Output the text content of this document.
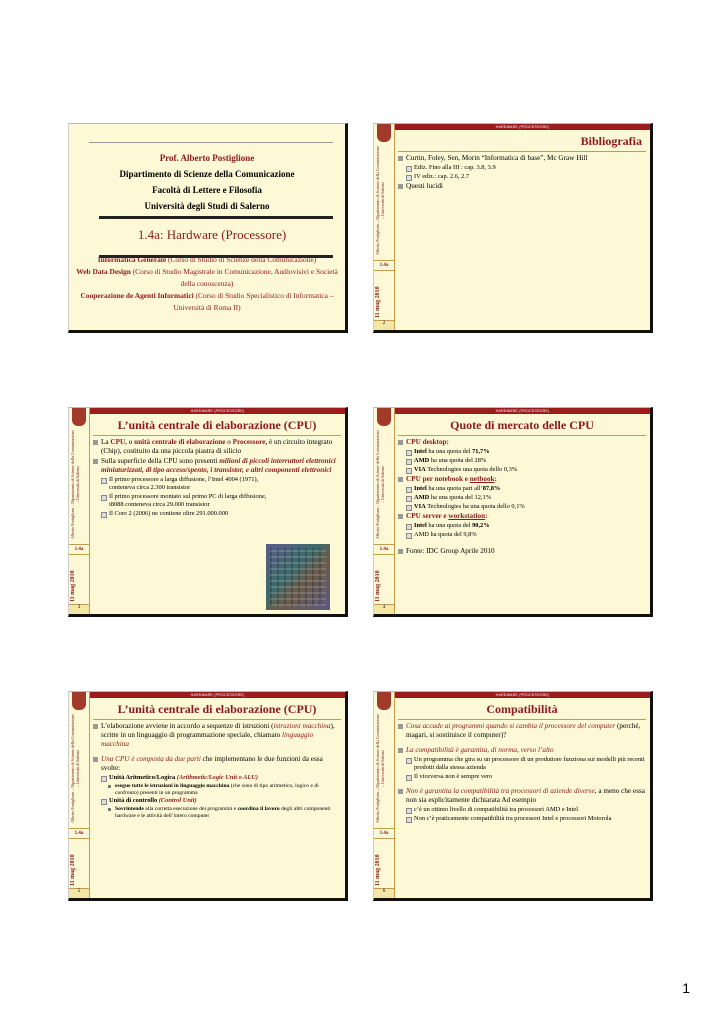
Prof. Alberto Postiglione
Dipartimento di Scienze della Comunicazione
Facoltà di Lettere e Filosofia
Università degli Studi di Salerno
1.4a: Hardware (Processore)
Informatica Generale (Corso di Studio in Scienze della Comunicazione)
Web Data Design (Corso di Studio Magistrale in Comunicazione, Audiovisivi e Società della conoscenza)
Cooperazione de Agenti Informatici (Corso di Studio Specialistico di Informatica – Università di Roma II)
Alberto Postiglione – Dipartimento di Scienze della Comunicazione – Università di Salerno
1.4a
11 mag 2010
2
HARDWARE (PROCESSORE)
Bibliografia
Curtin, Foley, Sen, Morin “Informatica di base”, Mc Graw Hill
Ediz. Fino alla III : cap. 3.8, 3.9
IV ediz.: cap. 2.6, 2.7
Questi lucidi
Alberto Postiglione – Dipartimento di Scienze della Comunicazione – Università di Salerno
1.4a
11 mag 2010
3
HARDWARE (PROCESSORE)
L’unità centrale di elaborazione (CPU)
La CPU, o unità centrale di elaborazione o Processore, è un circuito integrato (Chip), costituito da una piccola piastra di silicio
Sulla superficie della CPU sono presenti milioni di piccoli interruttori elettronici miniaturizzati, di tipo acceso/spento, i transistor, e altri componenti elettronici
Il primo processore a larga diffusione, l’Intel 4004 (1971), conteneva circa 2.300 transistor
Il primo processore montato sul primo PC di larga diffusione, i8088 conteneva circa 29.000 transistor
Il Core 2 (2006) ne contiene oltre 291.000.000	Alberto Postiglione – Dipartimento di Scienze della Comunicazione – Università di Salerno
1.4a
11 mag 2010
4
HARDWARE (PROCESSORE)
Quote di mercato delle CPU
CPU desktop:
Intel ha una quota del 71,7%
AMD ha una quota del 28%
VIA Technologies una quota dello 0,3%
CPU per notebook e netbook:
Intel ha una quota pari all’87,8%
AMD ha una quota del 12,1%
VIA Technologies ha una quota dello 0,1%
CPU server e workstation:
Intel ha una quota del 90,2%
AMD ha quota del 9,8%
Fonte: IDC Group Aprile 2010
Alberto Postiglione – Dipartimento di Scienze della Comunicazione – Università di Salerno
1.4a
11 mag 2010
5
HARDWARE (PROCESSORE)
L’unità centrale di elaborazione (CPU)
L’elaborazione avviene in accordo a sequenze di istruzioni (istruzioni macchina), scritte in un linguaggio di programmazione speciale, chiamato linguaggio macchina
Una CPU è composta da due parti che implementano le due funzioni da essa svolte:
Unità Aritmetico/Logica (Arithmetic/Logic Unit o ALU)
esegue tutte le istruzioni in linguaggio macchina (che sono di tipo aritmetico, logico e di confronto) presenti in un programma
Unità di controllo (Control Unit)
Sovrintende alla corretta esecuzione dei programmi e coordina il lavoro degli altri componenti hardware e le attività dell’intero computer	Alberto Postiglione – Dipartimento di Scienze della Comunicazione – Università di Salerno
1.4a
11 mag 2010
6
HARDWARE (PROCESSORE)
Compatibilità
Cosa accade ai programmi quando si cambia il processore del computer (perché, magari, si sostituisce il computer)?
La compatibilità è garantita, di norma, verso l’alto
Un programma che gira su un processore di un produttore funziona sui modelli più recenti prodotti dalla stessa azienda
Il viceversa non è sempre vero
Non è garantita la compatibilità tra processori di aziende diverse, a meno che essa non sia esplicitamente dichiarata Ad esempio
c’è un ottimo livello di compatibilità tra processori AMD e Intel
Non c’è praticamente compatibilità tra processori Intel e processori Motorola
1
